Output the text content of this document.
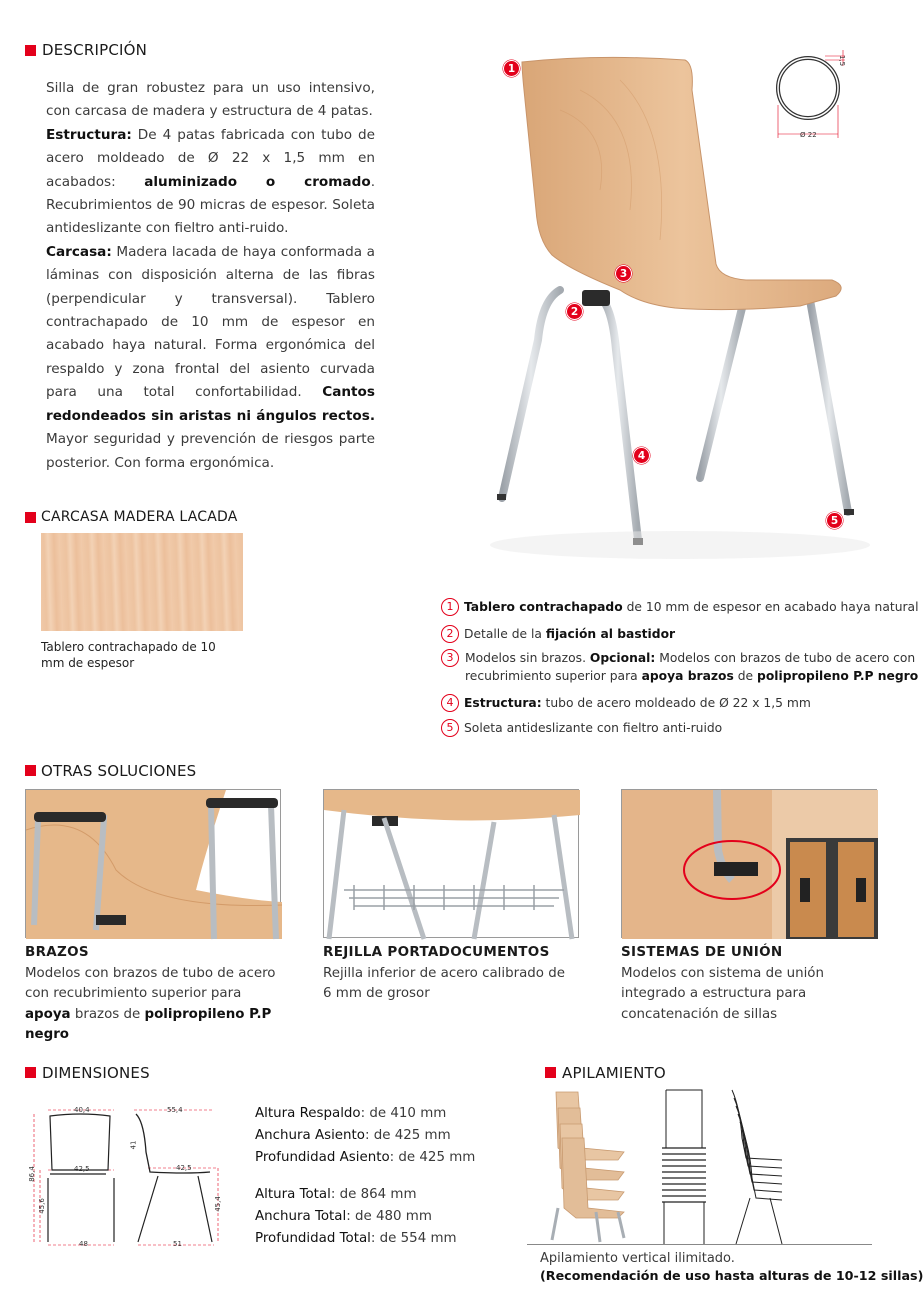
DESCRIPCIÓN

Silla de gran robustez para un uso intensivo, con carcasa de madera y estructura de 4 patas.

Estructura: De 4 patas fabricada con tubo de acero moldeado de Ø 22 x 1,5 mm en acabados: aluminizado o cromado. Recubrimientos de 90 micras de espesor. Soleta antideslizante con fieltro anti-ruido.

Carcasa: Madera lacada de haya conformada a láminas con disposición alterna de las fibras (perpendicular y transversal). Tablero contrachapado de 10 mm de espesor en acabado haya natural. Forma ergonómica del respaldo y zona frontal del asiento curvada para una total confortabilidad. Cantos redondeados sin aristas ni ángulos rectos. Mayor seguridad y prevención de riesgos parte posterior. Con forma ergonómica.

1
2
3
4
5
Ø 22
1,5
CARCASA MADERA LACADA
Tablero contrachapado de 10 mm de espesor
1 Tablero contrachapado de 10 mm de espesor en acabado haya natural
2 Detalle de la fijación al bastidor
3 Modelos sin brazos. Opcional: Modelos con brazos de tubo de acero con
recubrimiento superior para apoya brazos de polipropileno P.P negro
4 Estructura: tubo de acero moldeado de Ø 22 x 1,5 mm
5 Soleta antideslizante con fieltro anti-ruido
OTRAS SOLUCIONES
BRAZOS
Modelos con brazos de tubo de acero con recubrimiento superior para apoya brazos de polipropileno P.P negro
REJILLA PORTADOCUMENTOS
Rejilla inferior de acero calibrado de 6 mm de grosor
SISTEMAS DE UNIÓN
Modelos con sistema de unión integrado a estructura para concatenación de sillas
DIMENSIONES
40,4
42,5
86,4
45,6
48
55,4
41
42,5
45,4
51
Altura Respaldo: de 410 mm
Anchura Asiento: de 425 mm
Profundidad Asiento: de 425 mm
Altura Total: de 864 mm
Anchura Total: de 480 mm
Profundidad Total: de 554 mm
APILAMIENTO
Apilamiento vertical ilimitado.
(Recomendación de uso hasta alturas de 10-12 sillas)
